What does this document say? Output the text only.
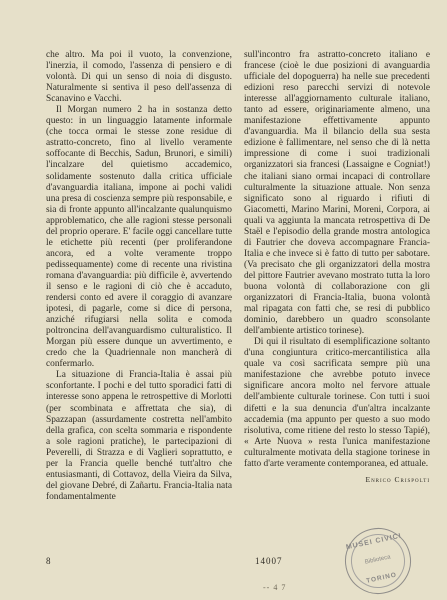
che altro. Ma poi il vuoto, la convenzione, l'inerzia, il comodo, l'assenza di pensiero e di volontà. Di qui un senso di noia di disgusto. Naturalmente si sentiva il peso dell'assenza di Scanavino e Vacchi.

Il Morgan numero 2 ha in sostanza detto questo: in un linguaggio latamente informale (che tocca ormai le stesse zone residue di astratto-concreto, fino al livello veramente soffocante di Becchis, Sadun, Brunori, e simili) l'incalzare del quietismo accademico, solidamente sostenuto dalla critica ufficiale d'avanguardia italiana, impone ai pochi validi una presa di coscienza sempre più responsabile, e sia di fronte appunto all'incalzante qualunquismo approblematico, che alle ragioni stesse personali del proprio operare. E' facile oggi cancellare tutte le etichette più recenti (per proliferandone ancora, ed a volte veramente troppo pedissequamente) come di recente una rivistina romana d'avanguardia: più difficile è, avvertendo il senso e le ragioni di ciò che è accaduto, rendersi conto ed avere il coraggio di avanzare ipotesi, di pagarle, come si dice di persona, anziché rifugiarsi nella solita e comoda poltroncina dell'avanguardismo culturalistico. Il Morgan più essere dunque un avvertimento, e credo che la Quadriennale non mancherà di confermarlo.

La situazione di Francia-Italia è assai più sconfortante. I pochi e del tutto sporadici fatti di interesse sono appena le retrospettive di Morlotti (per scombinata e affrettata che sia), di Spazzapan (assurdamente costretta nell'ambito della grafica, con scelta sommaria e rispondente a sole ragioni pratiche), le partecipazioni di Peverelli, di Strazza e di Vaglieri soprattutto, e per la Francia quelle benché tutt'altro che entusiasmanti, di Cottavoz, della Vieira da Silva, del giovane Debré, di Zañartu. Francia-Italia nata fondamentalmente

sull'incontro fra astratto-concreto italiano e francese (cioè le due posizioni di avanguardia ufficiale del dopoguerra) ha nelle sue precedenti edizioni reso parecchi servizi di notevole interesse all'aggiornamento culturale italiano, tanto ad essere, originariamente almeno, una manifestazione effettivamente appunto d'avanguardia. Ma il bilancio della sua sesta edizione è fallimentare, nel senso che di là netta impressione di come i suoi tradizionali organizzatori sia francesi (Lassaigne e Cogniat!) che italiani siano ormai incapaci di controllare culturalmente la situazione attuale. Non senza significato sono al riguardo i rifiuti di Giacometti, Marino Marini, Moreni, Corpora, ai quali va aggiunta la mancata retrospettiva di De Staël e l'episodio della grande mostra antologica di Fautrier che doveva accompagnare Francia-Italia e che invece si è fatto di tutto per sabotare. (Va precisato che gli organizzatori della mostra del pittore Fautrier avevano mostrato tutta la loro buona volontà di collaborazione con gli organizzatori di Francia-Italia, buona volontà mal ripagata con fatti che, se resi di pubblico dominio, darebbero un quadro sconsolante dell'ambiente artistico torinese).

Di qui il risultato di esemplificazione soltanto d'una congiuntura critico-mercantilistica alla quale va così sacrificata sempre più una manifestazione che avrebbe potuto invece significare ancora molto nel fervore attuale dell'ambiente culturale torinese. Con tutti i suoi difetti e la sua denuncia d'un'altra incalzante accademia (ma appunto per questo a suo modo risolutiva, come ritiene del resto lo stesso Tapié), « Arte Nuova » resta l'unica manifestazione culturalmente motivata della stagione torinese in fatto d'arte veramente contemporanea, ed attuale.

Enrico Crispolti
8	14007
-- 4 7
MUSEI CIVICI
Biblioteca
TORINO
